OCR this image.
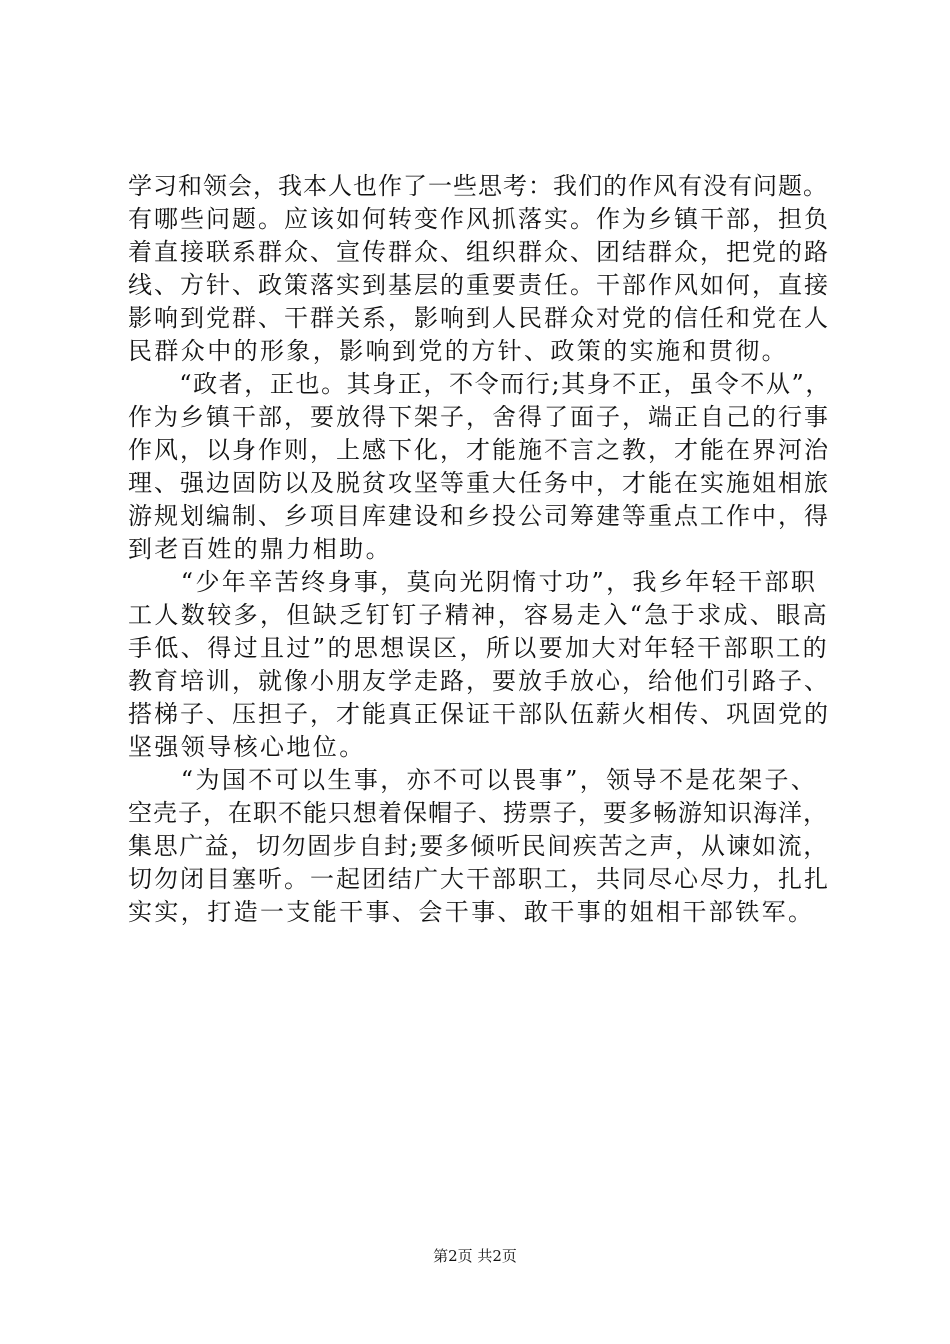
学习和领会，我本人也作了一些思考：我们的作风有没有问题。
有哪些问题。应该如何转变作风抓落实。作为乡镇干部，担负
着直接联系群众、宣传群众、组织群众、团结群众，把党的路
线、方针、政策落实到基层的重要责任。干部作风如何，直接
影响到党群、干群关系，影响到人民群众对党的信任和党在人
民群众中的形象，影响到党的方针、政策的实施和贯彻。
　　“政者，正也。其身正，不令而行;其身不正，虽令不从”，
作为乡镇干部，要放得下架子，舍得了面子，端正自己的行事
作风，以身作则，上感下化，才能施不言之教，才能在界河治
理、强边固防以及脱贫攻坚等重大任务中，才能在实施姐相旅
游规划编制、乡项目库建设和乡投公司筹建等重点工作中，得
到老百姓的鼎力相助。
　　“少年辛苦终身事，莫向光阴惰寸功”，我乡年轻干部职
工人数较多，但缺乏钉钉子精神，容易走入“急于求成、眼高
手低、得过且过”的思想误区，所以要加大对年轻干部职工的
教育培训，就像小朋友学走路，要放手放心，给他们引路子、
搭梯子、压担子，才能真正保证干部队伍薪火相传、巩固党的
坚强领导核心地位。
　　“为国不可以生事，亦不可以畏事”，领导不是花架子、
空壳子，在职不能只想着保帽子、捞票子，要多畅游知识海洋，
集思广益，切勿固步自封;要多倾听民间疾苦之声，从谏如流，
切勿闭目塞听。一起团结广大干部职工，共同尽心尽力，扎扎
实实，打造一支能干事、会干事、敢干事的姐相干部铁军。
第2页 共2页
